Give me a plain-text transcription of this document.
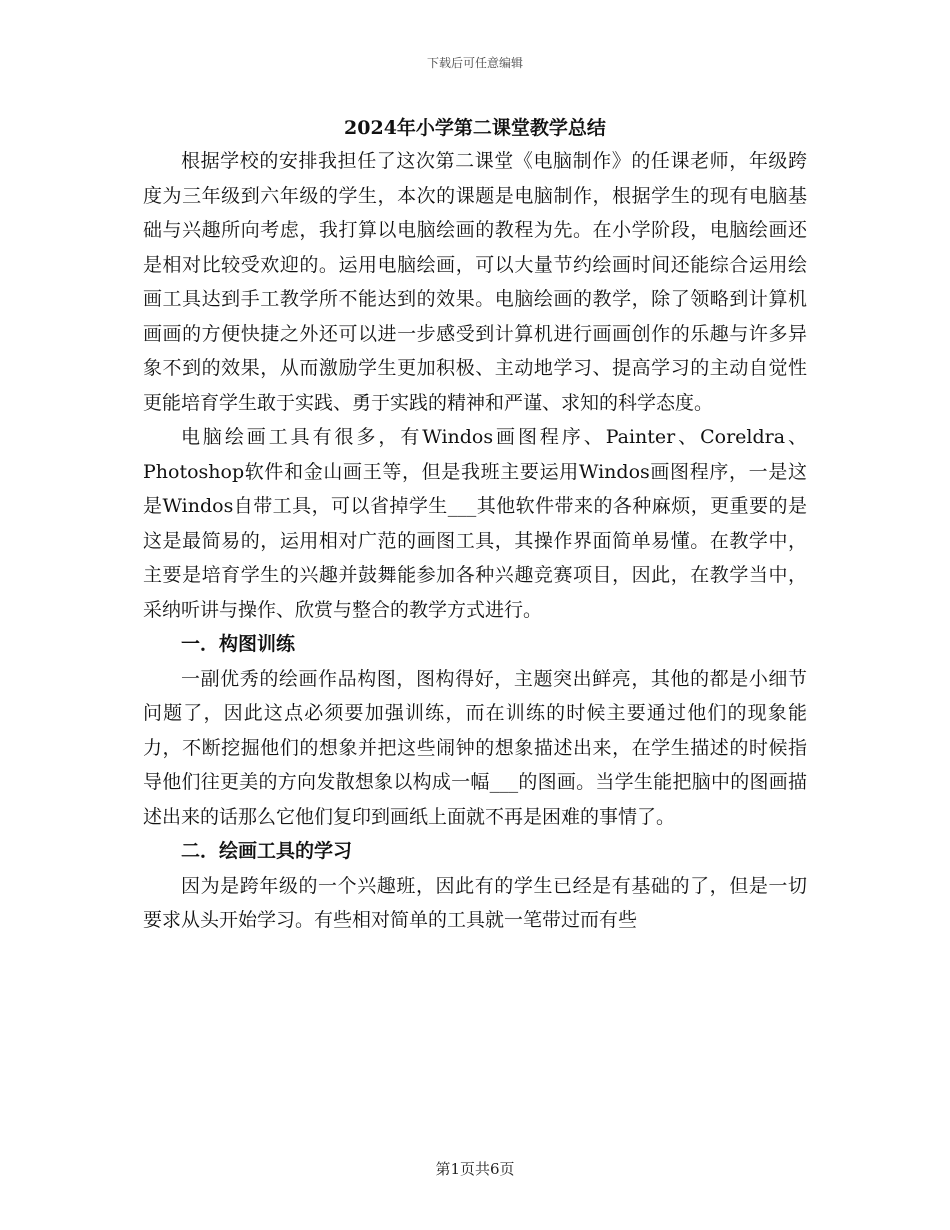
下载后可任意编辑
2024年小学第二课堂教学总结

根据学校的安排我担任了这次第二课堂《电脑制作》的任课老师，年级跨度为三年级到六年级的学生，本次的课题是电脑制作，根据学生的现有电脑基础与兴趣所向考虑，我打算以电脑绘画的教程为先。在小学阶段，电脑绘画还是相对比较受欢迎的。运用电脑绘画，可以大量节约绘画时间还能综合运用绘画工具达到手工教学所不能达到的效果。电脑绘画的教学，除了领略到计算机画画的方便快捷之外还可以进一步感受到计算机进行画画创作的乐趣与许多异象不到的效果，从而激励学生更加积极、主动地学习、提高学习的主动自觉性更能培育学生敢于实践、勇于实践的精神和严谨、求知的科学态度。

电脑绘画工具有很多，有Windos画图程序、Painter、Coreldra、Photoshop软件和金山画王等，但是我班主要运用Windos画图程序，一是这是Windos自带工具，可以省掉学生___其他软件带来的各种麻烦，更重要的是这是最简易的，运用相对广范的画图工具，其操作界面简单易懂。在教学中，主要是培育学生的兴趣并鼓舞能参加各种兴趣竞赛项目，因此，在教学当中，采纳听讲与操作、欣赏与整合的教学方式进行。

一．构图训练

一副优秀的绘画作品构图，图构得好，主题突出鲜亮，其他的都是小细节问题了，因此这点必须要加强训练，而在训练的时候主要通过他们的现象能力，不断挖掘他们的想象并把这些闹钟的想象描述出来，在学生描述的时候指导他们往更美的方向发散想象以构成一幅___的图画。当学生能把脑中的图画描述出来的话那么它他们复印到画纸上面就不再是困难的事情了。

二．绘画工具的学习

因为是跨年级的一个兴趣班，因此有的学生已经是有基础的了，但是一切要求从头开始学习。有些相对简单的工具就一笔带过而有些

第1页共6页
